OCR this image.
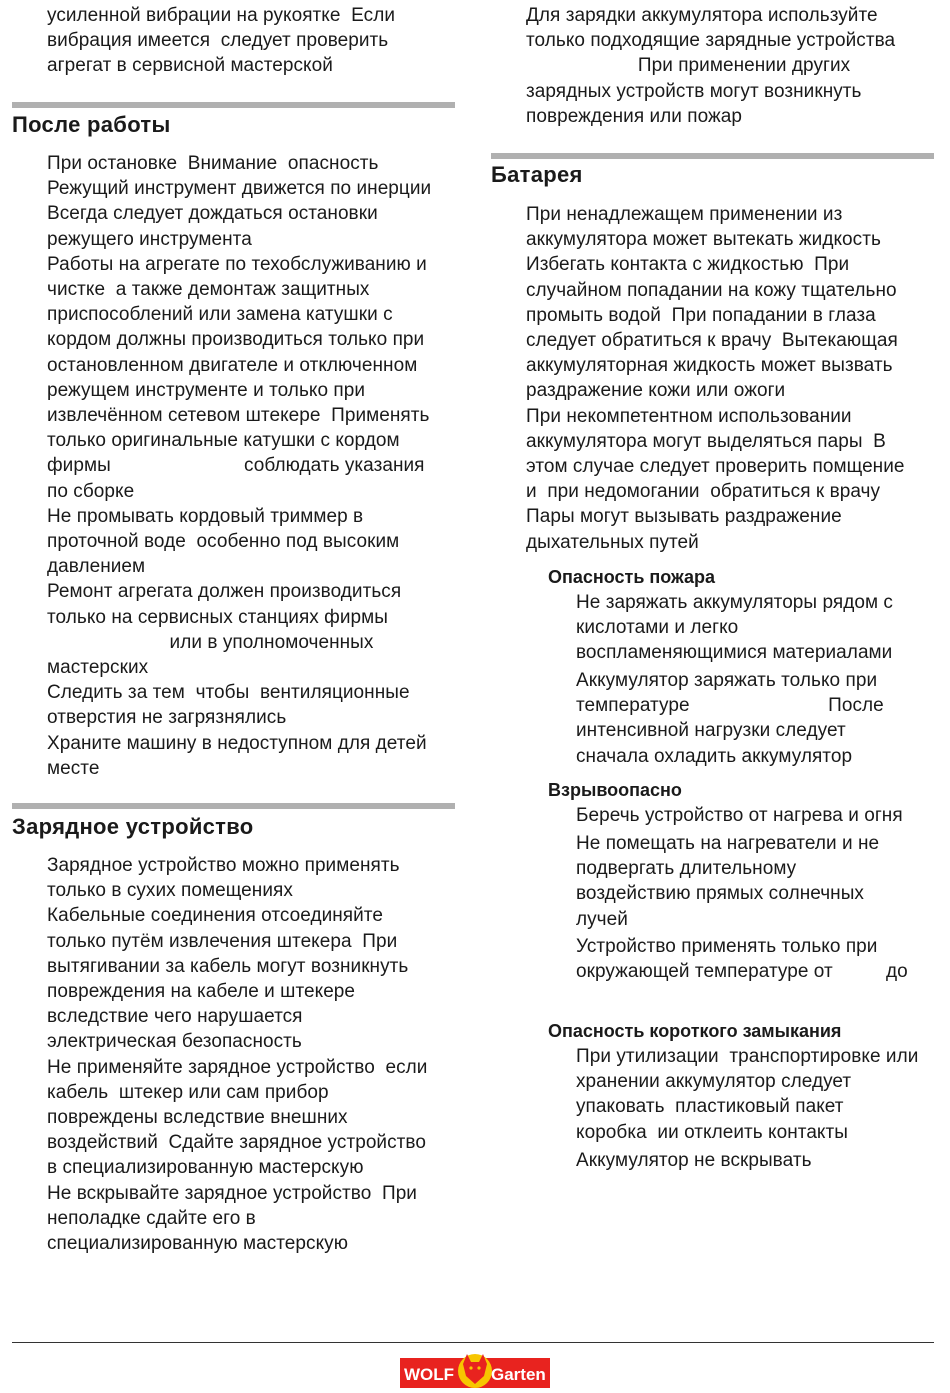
усиленной вибрации на рукоятке  Если
вибрация имеется  следует проверить
агрегат в сервисной мастерской
После работы
При остановке  Внимание  опасность
Режущий инструмент движется по инерции
Всегда следует дождаться остановки
режущего инструмента
Работы на агрегате по техобслуживанию и
чистке  а также демонтаж защитных
приспособлений или замена катушки с
кордом должны производиться только при
остановленном двигателе и отключенном
режущем инструменте и только при
извлечённом сетевом штекере  Применять
только оригинальные катушки с кордом
фирмы                         соблюдать указания
по сборке
Не промывать кордовый триммер в
проточной воде  особенно под высоким
давлением
Ремонт агрегата должен производиться
только на сервисных станциях фирмы
или в уполномоченных
мастерских
Следить за тем  чтобы  вентиляционные
отверстия не загрязнялись
Храните машину в недоступном для детей
месте
Зарядное устройство
Зарядное устройство можно применять
только в сухих помещениях
Кабельные соединения отсоединяйте
только путём извлечения штекера  При
вытягивании за кабель могут возникнуть
повреждения на кабеле и штекере
вследствие чего нарушается
электрическая безопасность
Не применяйте зарядное устройство  если
кабель  штекер или сам прибор
повреждены вследствие внешних
воздействий  Сдайте зарядное устройство
в специализированную мастерскую
Не вскрывайте зарядное устройство  При
неполадке сдайте его в
специализированную мастерскую
Для зарядки аккумулятора используйте
только подходящие зарядные устройства
При применении других
зарядных устройств могут возникнуть
повреждения или пожар
Батарея
При ненадлежащем применении из
аккумулятора может вытекать жидкость
Избегать контакта с жидкостью  При
случайном попадании на кожу тщательно
промыть водой  При попадании в глаза
следует обратиться к врачу  Вытекающая
аккумуляторная жидкость может вызвать
раздражение кожи или ожоги
При некомпетентном использовании
аккумулятора могут выделяться пары  В
этом случае следует проверить помщение
и  при недомогании  обратиться к врачу
Пары могут вызывать раздражение
дыхательных путей
Опасность пожара
Не заряжать аккумуляторы рядом с
кислотами и легко
воспламеняющимися материалами
Аккумулятор заряжать только при
температуре                          После
интенсивной нагрузки следует
сначала охладить аккумулятор
Взрывоопасно
Беречь устройство от нагрева и огня
Не помещать на нагреватели и не
подвергать длительному
воздействию прямых солнечных
лучей
Устройство применять только при
окружающей температуре от          до
Опасность короткого замыкания
При утилизации  транспортировке или
хранении аккумулятор следует
упаковать  пластиковый пакет
коробка  ии отклеить контакты
Аккумулятор не вскрывать
WOLF Garten
